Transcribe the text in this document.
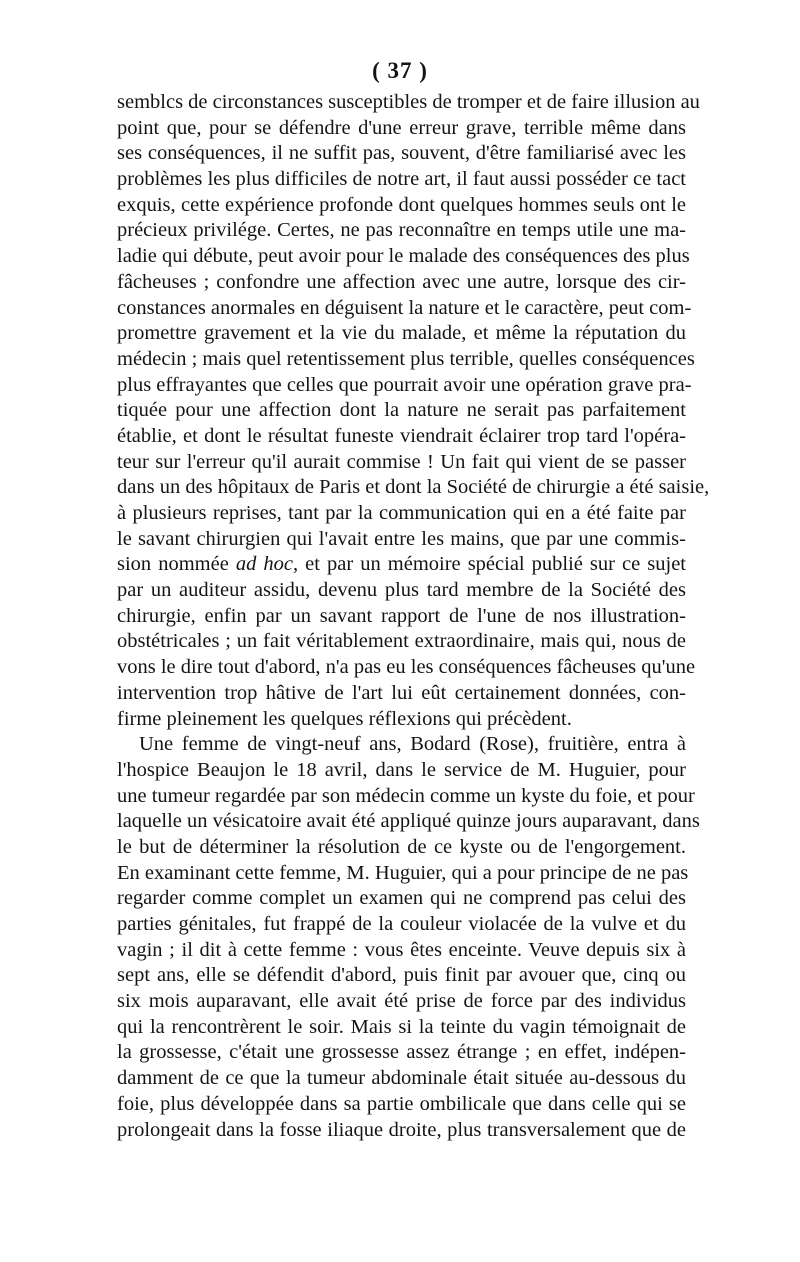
( 37 )
semblcs de circonstances susceptibles de tromper et de faire illusion au
point que, pour se défendre d'une erreur grave, terrible même dans
ses conséquences, il ne suffit pas, souvent, d'être familiarisé avec les
problèmes les plus difficiles de notre art, il faut aussi posséder ce tact
exquis, cette expérience profonde dont quelques hommes seuls ont le
précieux privilége. Certes, ne pas reconnaître en temps utile une ma-
ladie qui débute, peut avoir pour le malade des conséquences des plus
fâcheuses ; confondre une affection avec une autre, lorsque des cir-
constances anormales en déguisent la nature et le caractère, peut com-
promettre gravement et la vie du malade, et même la réputation du
médecin ; mais quel retentissement plus terrible, quelles conséquences
plus effrayantes que celles que pourrait avoir une opération grave pra-
tiquée pour une affection dont la nature ne serait pas parfaitement
établie, et dont le résultat funeste viendrait éclairer trop tard l'opéra-
teur sur l'erreur qu'il aurait commise ! Un fait qui vient de se passer
dans un des hôpitaux de Paris et dont la Société de chirurgie a été saisie,
à plusieurs reprises, tant par la communication qui en a été faite par
le savant chirurgien qui l'avait entre les mains, que par une commis-
sion nommée ad hoc, et par un mémoire spécial publié sur ce sujet
par un auditeur assidu, devenu plus tard membre de la Société des
chirurgie, enfin par un savant rapport de l'une de nos illustration-
obstétricales ; un fait véritablement extraordinaire, mais qui, nous de
vons le dire tout d'abord, n'a pas eu les conséquences fâcheuses qu'une
intervention trop hâtive de l'art lui eût certainement données, con-
firme pleinement les quelques réflexions qui précèdent.
Une femme de vingt-neuf ans, Bodard (Rose), fruitière, entra à
l'hospice Beaujon le 18 avril, dans le service de M. Huguier, pour
une tumeur regardée par son médecin comme un kyste du foie, et pour
laquelle un vésicatoire avait été appliqué quinze jours auparavant, dans
le but de déterminer la résolution de ce kyste ou de l'engorgement.
En examinant cette femme, M. Huguier, qui a pour principe de ne pas
regarder comme complet un examen qui ne comprend pas celui des
parties génitales, fut frappé de la couleur violacée de la vulve et du
vagin ; il dit à cette femme : vous êtes enceinte. Veuve depuis six à
sept ans, elle se défendit d'abord, puis finit par avouer que, cinq ou
six mois auparavant, elle avait été prise de force par des individus
qui la rencontrèrent le soir. Mais si la teinte du vagin témoignait de
la grossesse, c'était une grossesse assez étrange ; en effet, indépen-
damment de ce que la tumeur abdominale était située au-dessous du
foie, plus développée dans sa partie ombilicale que dans celle qui se
prolongeait dans la fosse iliaque droite, plus transversalement que de
